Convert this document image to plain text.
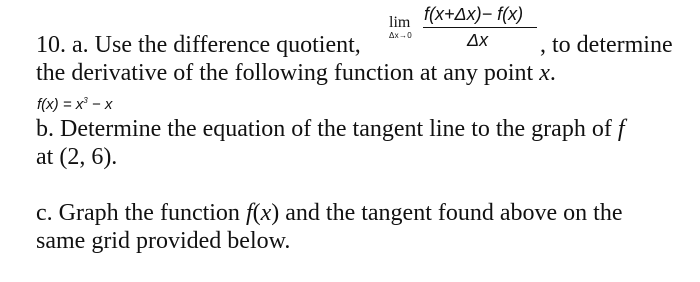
10. a. Use the difference quotient,
lim
Δx→0
f(x+Δx)− f(x)
Δx , to determine
the derivative of the following function at any point x.
$f(x) = x^3 - x$
b. Determine the equation of the tangent line to the graph of f
at (2, 6).
c. Graph the function f(x) and the tangent found above on the
same grid provided below.
